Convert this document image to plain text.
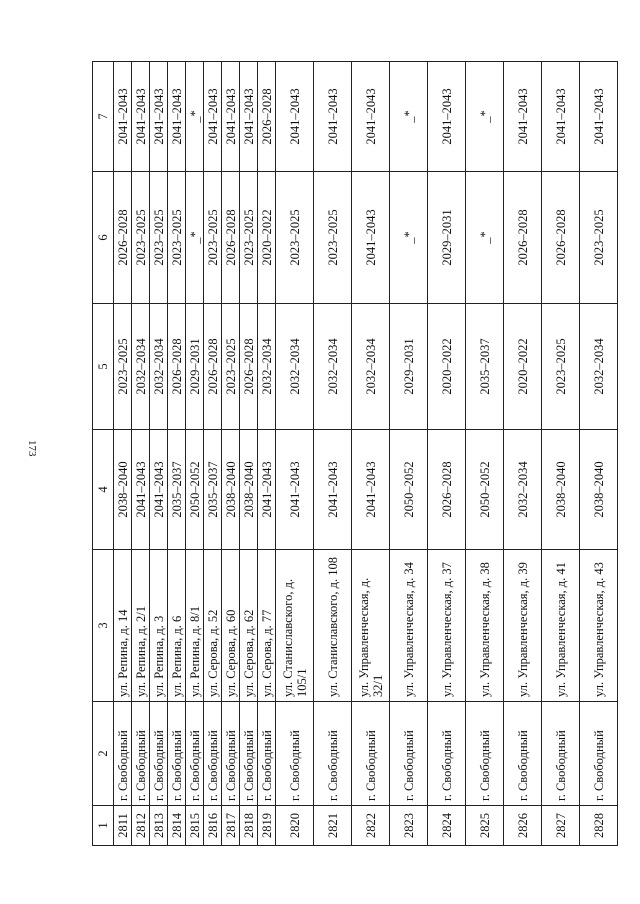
173
1	2	3	4	5	6	7
2811	г. Свободный	ул. Репина, д. 14	2038–2040	2023–2025	2026–2028	2041–2043
2812	г. Свободный	ул. Репина, д. 2/1	2041–2043	2032–2034	2023–2025	2041–2043
2813	г. Свободный	ул. Репина, д. 3	2041–2043	2032–2034	2023–2025	2041–2043
2814	г. Свободный	ул. Репина, д. 6	2035–2037	2026–2028	2023–2025	2041–2043
2815	г. Свободный	ул. Репина, д. 8/1	2050–2052	2029–2031	_*	_*
2816	г. Свободный	ул. Серова, д. 52	2035–2037	2026–2028	2023–2025	2041–2043
2817	г. Свободный	ул. Серова, д. 60	2038–2040	2023–2025	2026–2028	2041–2043
2818	г. Свободный	ул. Серова, д. 62	2038–2040	2026–2028	2023–2025	2041–2043
2819	г. Свободный	ул. Серова, д. 77	2041–2043	2032–2034	2020–2022	2026–2028
2820	г. Свободный	ул. Станиславского, д. 105/1	2041–2043	2032–2034	2023–2025	2041–2043
2821	г. Свободный	ул. Станиславского, д. 108	2041–2043	2032–2034	2023–2025	2041–2043
2822	г. Свободный	ул. Управленческая, д. 32/1	2041–2043	2032–2034	2041–2043	2041–2043
2823	г. Свободный	ул. Управленческая, д. 34	2050–2052	2029–2031	_*	_*
2824	г. Свободный	ул. Управленческая, д. 37	2026–2028	2020–2022	2029–2031	2041–2043
2825	г. Свободный	ул. Управленческая, д. 38	2050–2052	2035–2037	_*	_*
2826	г. Свободный	ул. Управленческая, д. 39	2032–2034	2020–2022	2026–2028	2041–2043
2827	г. Свободный	ул. Управленческая, д. 41	2038–2040	2023–2025	2026–2028	2041–2043
2828	г. Свободный	ул. Управленческая, д. 43	2038–2040	2032–2034	2023–2025	2041–2043
